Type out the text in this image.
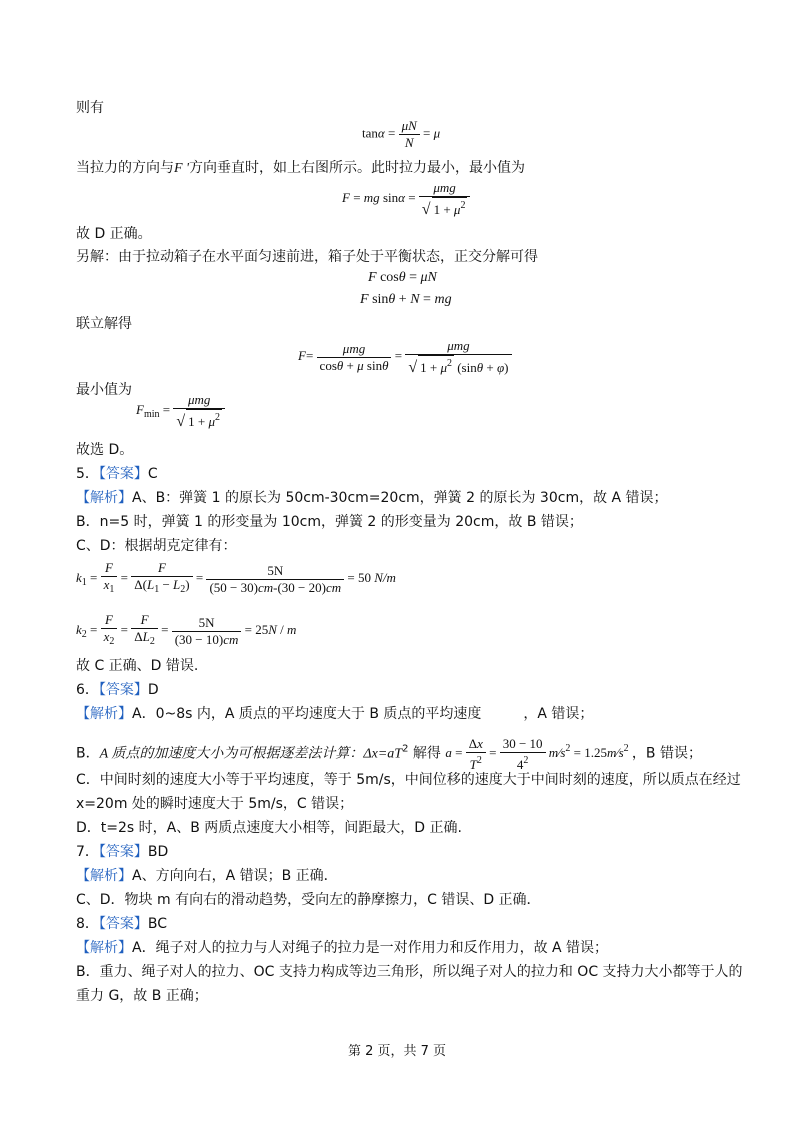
则有
$\tan\alpha = \frac{\mu N}{N} = \mu$
当拉力的方向与F '方向垂直时，如上右图所示。此时拉力最小，最小值为
F = mg $\sin\alpha = \frac{\text{μmg}}{√ 1 + \mu^2}$
故 D 正确。
另解：由于拉动箱子在水平面匀速前进，箱子处于平衡状态，正交分解可得
F cosθ = μN
F sinθ + N = mg
联立解得
$F= \frac{\text{μmg}}{\text{cosθ + μ sinθ}} = \frac{\text{μmg}}{√ 1 + \mu^2 (\sin\theta + \varphi)}$
最小值为
$F_{min} = \frac{\text{μmg}}{√ 1 + \mu^2}$
故选 D。
5．【答案】C
【解析】A、B：弹簧 1 的原长为 50cm-30cm=20cm，弹簧 2 的原长为 30cm，故 A 错误；
B．n=5 时，弹簧 1 的形变量为 10cm，弹簧 2 的形变量为 20cm，故 B 错误；
C、D：根据胡克定律有：
$k_1 = \frac{F}{x_1} = \frac{F}{\Delta(L_1 - L_2)} = \frac{5N}{(50 - 30)cm-(30 - 20)cm} = 50$ N/m
$k_2 = \frac{F}{x_2} = \frac{F}{\Delta L_2} = \frac{5N}{(30 - 10)cm} = 25N / m$
故 C 正确、D 错误.
6．【答案】D
【解析】A．0~8s 内，A 质点的平均速度大于 B 质点的平均速度	，A 错误；
B．A 质点的加速度大小为可根据逐差法计算：$\Delta x=aT^2$ 解得 $a = \frac{\Delta x}{T^2} = \frac{30 - 10}{4^2}$ $m⁄s^2$ = $1.25m⁄s^2$ ，B 错误；
C．中间时刻的速度大小等于平均速度，等于 5m/s，中间位移的速度大于中间时刻的速度，所以质点在经过
x=20m 处的瞬时速度大于 5m/s，C 错误；
D．t=2s 时，A、B 两质点速度大小相等，间距最大，D 正确.
7．【答案】BD
【解析】A、方向向右，A 错误；B 正确．
C、D．物块 m 有向右的滑动趋势，受向左的静摩擦力，C 错误、D 正确．
8．【答案】BC
【解析】A．绳子对人的拉力与人对绳子的拉力是一对作用力和反作用力，故 A 错误；
B．重力、绳子对人的拉力、OC 支持力构成等边三角形，所以绳子对人的拉力和 OC 支持力大小都等于人的
重力 G，故 B 正确；
第 2 页，共 7 页
